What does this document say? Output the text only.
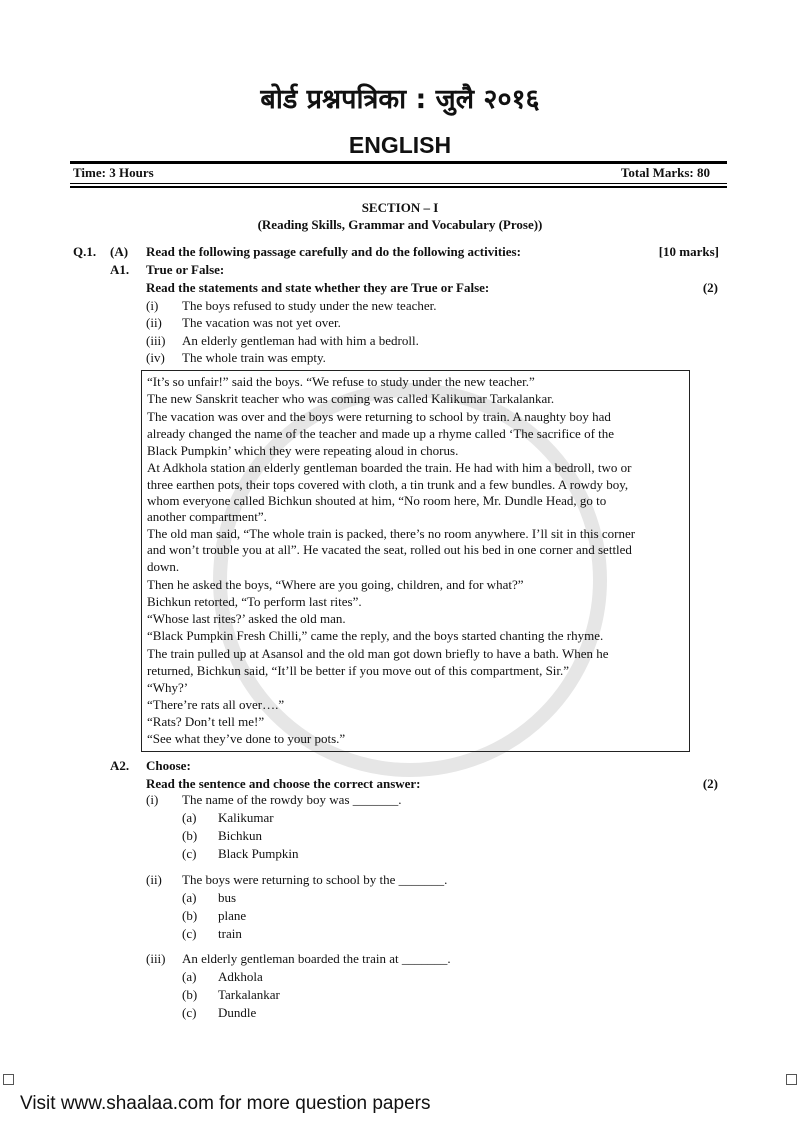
बोर्ड प्रश्नपत्रिका : जुलै २०१६
ENGLISH
Time: 3 Hours	Total Marks: 80
SECTION – I
(Reading Skills, Grammar and Vocabulary (Prose))
Q.1. (A) Read the following passage carefully and do the following activities:	[10 marks]
A1. True or False:
Read the statements and state whether they are True or False:	(2)
(i) The boys refused to study under the new teacher.
(ii) The vacation was not yet over.
(iii) An elderly gentleman had with him a bedroll.
(iv) The whole train was empty.
“It’s so unfair!” said the boys. “We refuse to study under the new teacher.”
The new Sanskrit teacher who was coming was called Kalikumar Tarkalankar.
The vacation was over and the boys were returning to school by train. A naughty boy had
already changed the name of the teacher and made up a rhyme called ‘The sacrifice of the
Black Pumpkin’ which they were repeating aloud in chorus.
At Adkhola station an elderly gentleman boarded the train. He had with him a bedroll, two or
three earthen pots, their tops covered with cloth, a tin trunk and a few bundles. A rowdy boy,
whom everyone called Bichkun shouted at him, “No room here, Mr. Dundle Head, go to
another compartment”.
The old man said, “The whole train is packed, there’s no room anywhere. I’ll sit in this corner
and won’t trouble you at all”. He vacated the seat, rolled out his bed in one corner and settled
down.
Then he asked the boys, “Where are you going, children, and for what?”
Bichkun retorted, “To perform last rites”.
“Whose last rites?’ asked the old man.
“Black Pumpkin Fresh Chilli,” came the reply, and the boys started chanting the rhyme.
The train pulled up at Asansol and the old man got down briefly to have a bath. When he
returned, Bichkun said, “It’ll be better if you move out of this compartment, Sir.”
“Why?’
“There’re rats all over….”
“Rats? Don’t tell me!”
“See what they’ve done to your pots.”
A2. Choose:
Read the sentence and choose the correct answer:	(2)
(i) The name of the rowdy boy was _______.
(a) Kalikumar
(b) Bichkun
(c) Black Pumpkin
(ii) The boys were returning to school by the _______.
(a) bus
(b) plane
(c) train
(iii) An elderly gentleman boarded the train at _______.
(a) Adkhola
(b) Tarkalankar
(c) Dundle
Visit www.shaalaa.com for more question papers
